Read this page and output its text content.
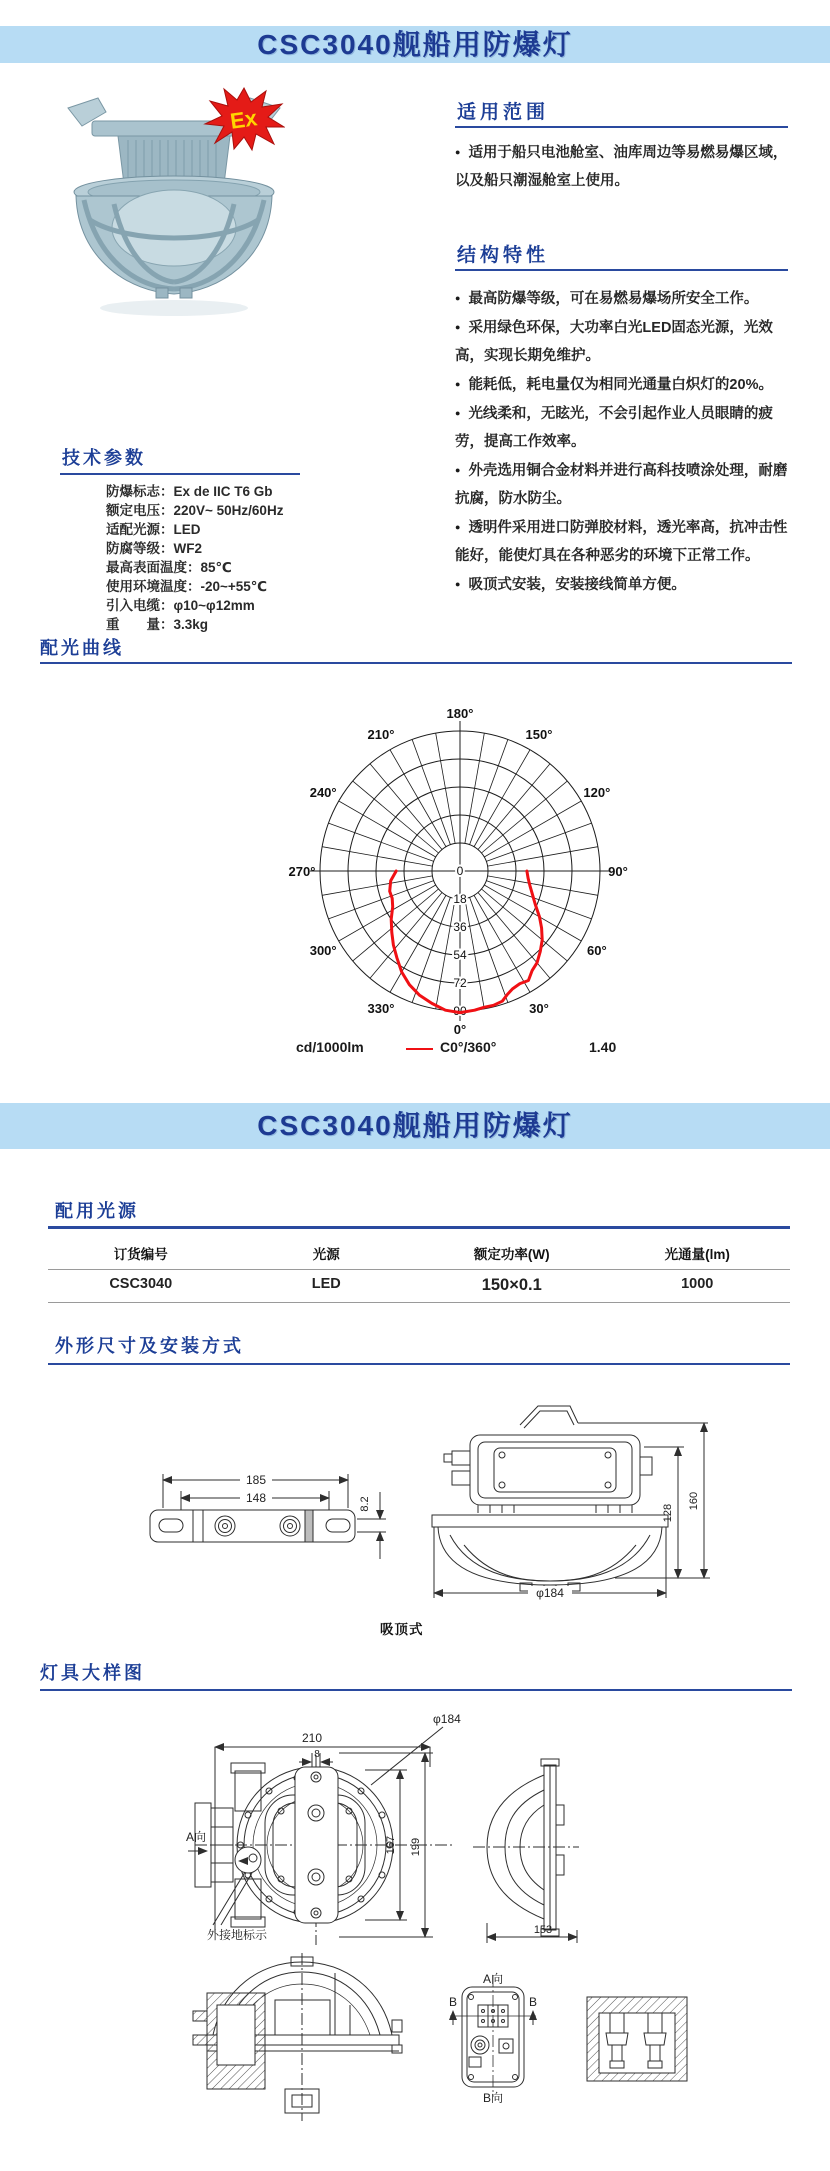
CSC3040舰船用防爆灯
Ex	适用范围
● 适用于船只电池舱室、油库周边等易燃易爆区域，以及船只潮湿舱室上使用。
结构特性
● 最高防爆等级，可在易燃易爆场所安全工作。
● 采用绿色环保，大功率白光LED固态光源，光效高，实现长期免维护。
● 能耗低，耗电量仅为相同光通量白炽灯的20%。
● 光线柔和，无眩光，不会引起作业人员眼睛的疲劳，提高工作效率。
● 外壳选用铜合金材料并进行高科技喷涂处理，耐磨抗腐，防水防尘。
● 透明件采用进口防弹胶材料，透光率高，抗冲击性能好，能使灯具在各种恶劣的环境下正常工作。
● 吸顶式安装，安装接线简单方便。
技术参数
防爆标志：Ex de IIC T6 Gb
额定电压：220V~ 50Hz/60Hz
适配光源：LED
防腐等级：WF2
最高表面温度：85℃
使用环境温度：-20~+55℃
引入电缆：φ10~φ12mm
重　　量：3.3kg
配光曲线
0°
30°
60°
90°
120°
150°
180°
210°
240°
270°
300°
330°
0
18
36
54
72
90
cd/1000lm	C0°/360°	1.40
CSC3040舰船用防爆灯
配用光源
订货编号	光源	额定功率(W)	光通量(lm)
CSC3040	LED	150×0.1	1000
外形尺寸及安装方式
185
148	8.2
φ184
128
160
吸顶式
灯具大样图
210
8
φ184
167 199
A向
外接地标示	153
A向
B	B
B向
